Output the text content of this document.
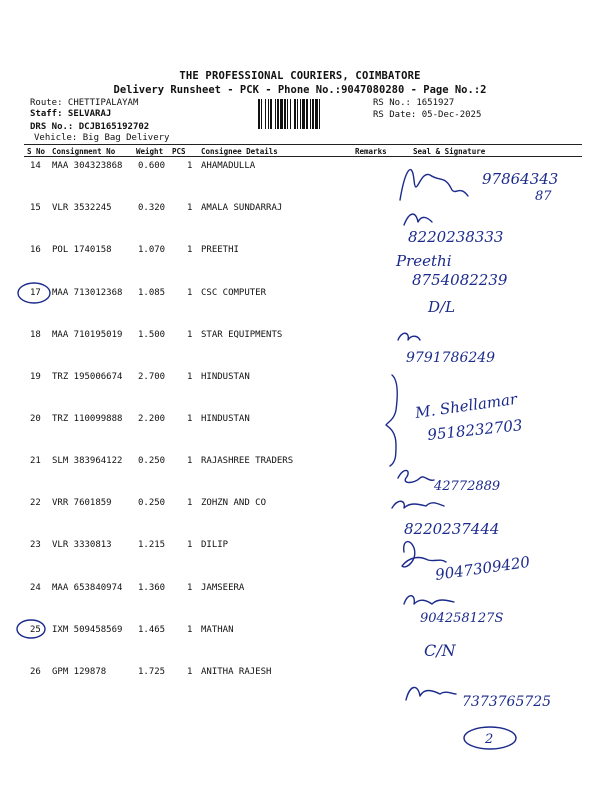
THE PROFESSIONAL COURIERS, COIMBATORE
Delivery Runsheet - PCK - Phone No.:9047080280 - Page No.:2
Route: CHETTIPALAYAM
Staff: SELVARAJ
DRS No.: DCJB165192702
Vehicle: Big Bag Delivery
RS No.: 1651927
RS Date: 05-Dec-2025
S No Consignment No	Weight PCS Consignee Details	Remarks	Seal & Signature
14 MAA 304323868 0.600 1 AHAMADULLA
15 VLR 3532245	0.320 1 AMALA SUNDARRAJ
16 POL 1740158	1.070 1 PREETHI
17 MAA 713012368 1.085 1 CSC COMPUTER
18 MAA 710195019 1.500 1 STAR EQUIPMENTS
19 TRZ 195006674 2.700 1 HINDUSTAN
20 TRZ 110099888 2.200 1 HINDUSTAN
21 SLM 383964122 0.250 1 RAJASHREE TRADERS
22 VRR 7601859	0.250 1 ZOHZN AND CO
23 VLR 3330813	1.215 1 DILIP
24 MAA 653840974 1.360 1 JAMSEERA
25 IXM 509458569 1.465 1 MATHAN
26 GPM 129878	1.725 1 ANITHA RAJESH
97864343
87
8220238333
Preethi
8754082239
D/L
9791786249
M. Shellamar
9518232703
42772889
8220237444
9047309420
904258127S
C/N
7373765725
2
